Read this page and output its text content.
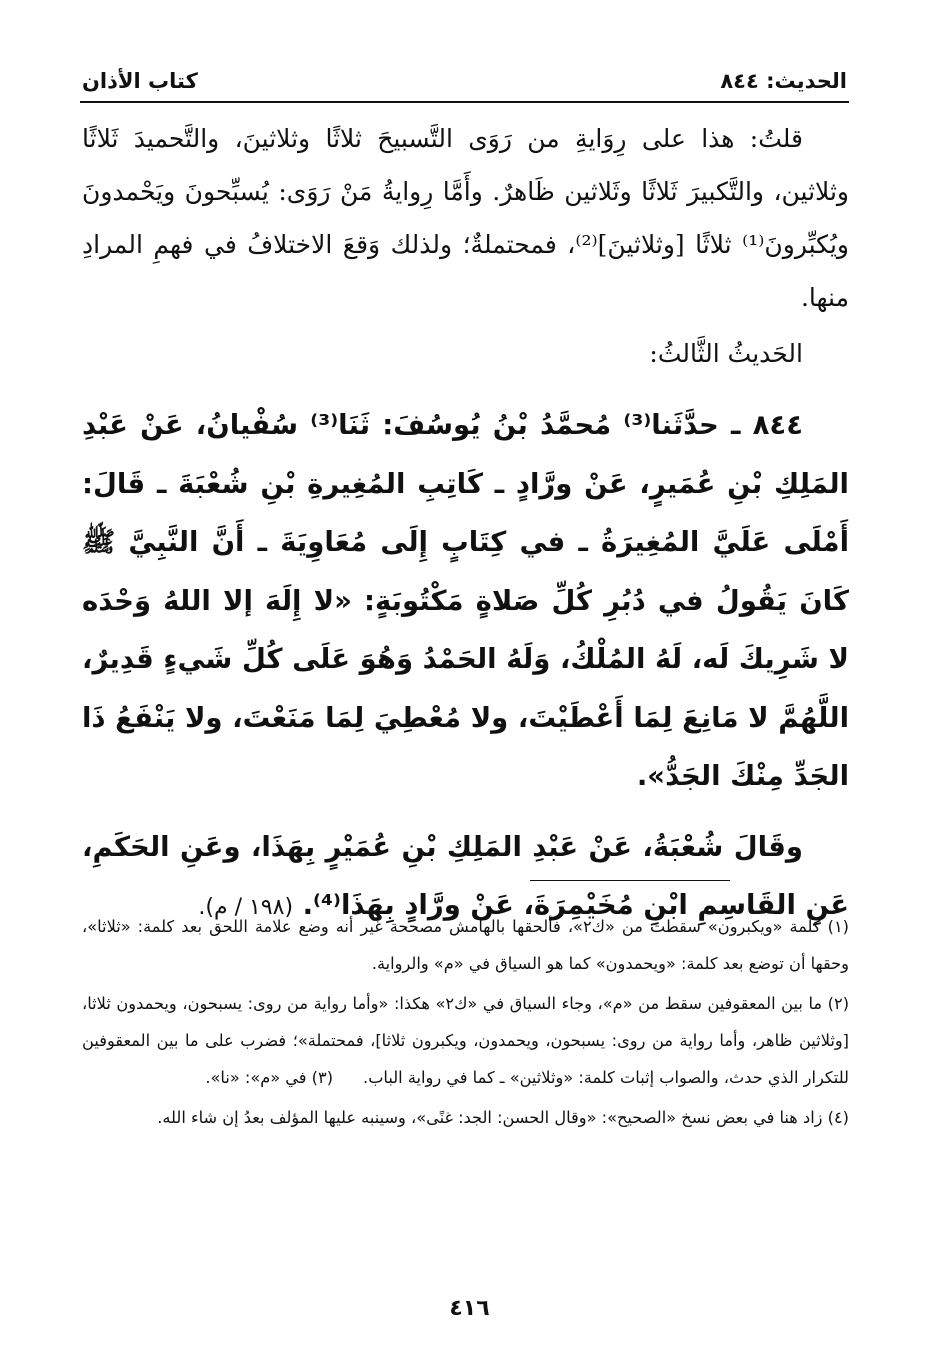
الحديث: ٨٤٤
كتاب الأذان

قلتُ: هذا على رِوَايةِ من رَوَى التَّسبيحَ ثلاثًا وثلاثينَ، والتَّحميدَ ثَلاثًا وثلاثين، والتَّكبيرَ ثَلاثًا وثَلاثين ظَاهرٌ. وأَمَّا رِوايةُ مَنْ رَوَى: يُسبِّحونَ ويَحْمدونَ ويُكبِّرونَ⁽¹⁾ ثلاثًا [وثلاثينَ]⁽²⁾، فمحتملةٌ؛ ولذلك وَقعَ الاختلافُ في فهمِ المرادِ منها.

الحَديثُ الثَّالثُ:

٨٤٤ ـ حدَّثَنا⁽³⁾ مُحمَّدُ بْنُ يُوسُفَ: ثَنَا⁽³⁾ سُفْيانُ، عَنْ عَبْدِ المَلِكِ بْنِ عُمَيرٍ، عَنْ ورَّادٍ ـ كَاتِبِ المُغِيرةِ بْنِ شُعْبَةَ ـ قَالَ: أَمْلَى عَلَيَّ المُغِيرَةُ ـ في كِتَابٍ إِلَى مُعَاوِيَةَ ـ أَنَّ النَّبِيَّ ﷺ كَانَ يَقُولُ في دُبُرِ كُلِّ صَلاةٍ مَكْتُوبَةٍ: «لا إِلَهَ إلا اللهُ وَحْدَه لا شَرِيكَ لَه، لَهُ المُلْكُ، وَلَهُ الحَمْدُ وَهُوَ عَلَى كُلِّ شَيءٍ قَدِيرٌ، اللَّهُمَّ لا مَانِعَ لِمَا أَعْطَيْتَ، ولا مُعْطِيَ لِمَا مَنَعْتَ، ولا يَنْفَعُ ذَا الجَدِّ مِنْكَ الجَدُّ».

وقَالَ شُعْبَةُ، عَنْ عَبْدِ المَلِكِ بْنِ عُمَيْرٍ بِهَذَا، وعَنِ الحَكَمِ، عَنِ القَاسِمِ ابْنِ مُخَيْمِرَةَ، عَنْ ورَّادٍ بِهَذَا⁽⁴⁾. (١٩٨ / م).

(١) كلمة «ويكبرون» سقطت من «ك٢»، فألحقها بالهامش مصححة غير أنه وضع علامة اللحق بعد كلمة: «ثلاثا»، وحقها أن توضع بعد كلمة: «ويحمدون» كما هو السياق في «م» والرواية.

(٢) ما بين المعقوفين سقط من «م»، وجاء السياق في «ك٢» هكذا: «وأما رواية من روى: يسبحون، ويحمدون ثلاثا، [وثلاثين ظاهر، وأما رواية من روى: يسبحون، ويحمدون، ويكبرون ثلاثا]، فمحتملة»؛ فضرب على ما بين المعقوفين للتكرار الذي حدث، والصواب إثبات كلمة: «وثلاثين» ـ كما في رواية الباب.(٣) في «م»: «نا».

(٤) زاد هنا في بعض نسخ «الصحيح»: «وقال الحسن: الجد: غنًى»، وسينبه عليها المؤلف بعدُ إن شاء الله.

٤١٦
